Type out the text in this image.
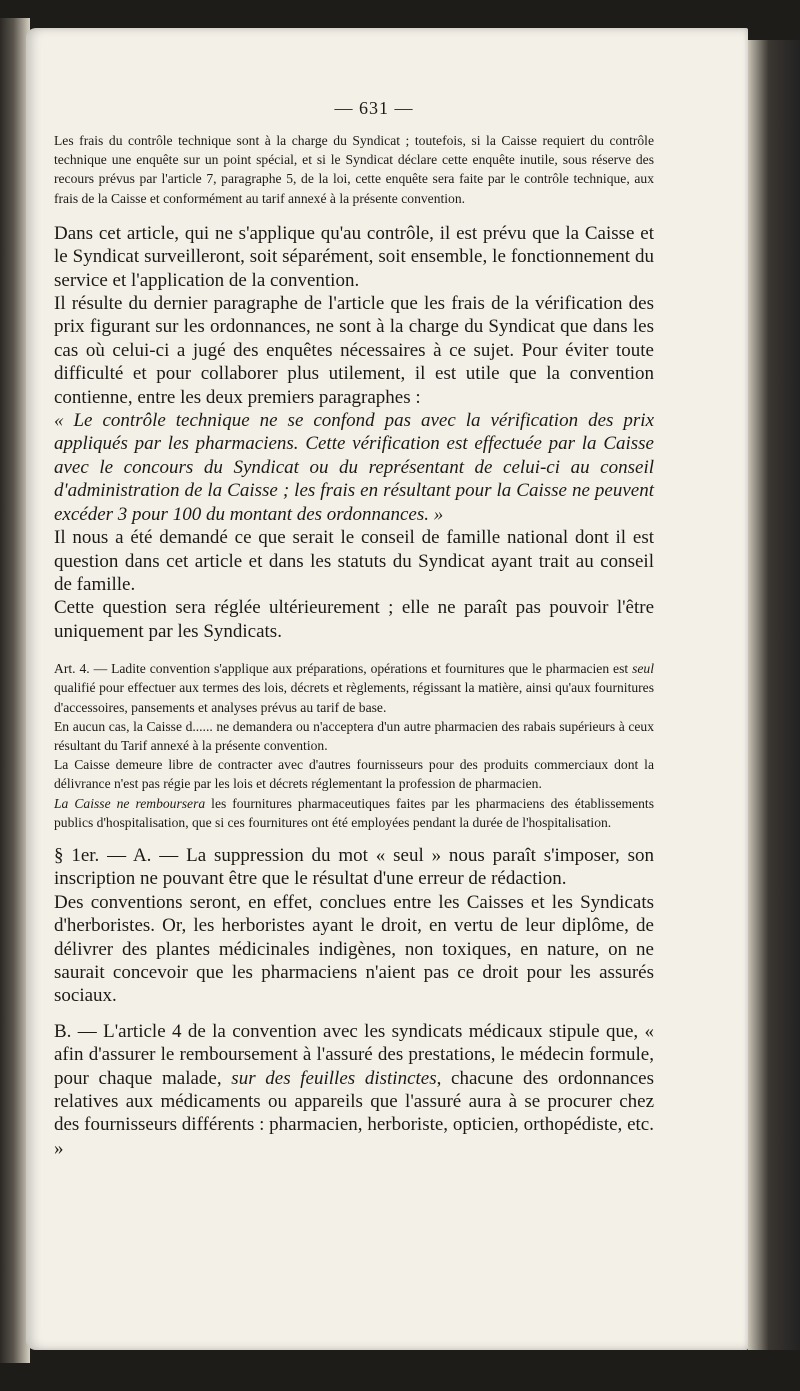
— 631 —

Les frais du contrôle technique sont à la charge du Syndicat ; toutefois, si la Caisse requiert du contrôle technique une enquête sur un point spécial, et si le Syndicat déclare cette enquête inutile, sous réserve des recours prévus par l'article 7, paragraphe 5, de la loi, cette enquête sera faite par le contrôle technique, aux frais de la Caisse et conformément au tarif annexé à la présente convention.

Dans cet article, qui ne s'applique qu'au contrôle, il est prévu que la Caisse et le Syndicat surveilleront, soit séparément, soit ensemble, le fonctionnement du service et l'application de la convention.

Il résulte du dernier paragraphe de l'article que les frais de la vérification des prix figurant sur les ordonnances, ne sont à la charge du Syndicat que dans les cas où celui-ci a jugé des enquêtes nécessaires à ce sujet. Pour éviter toute difficulté et pour collaborer plus utilement, il est utile que la convention contienne, entre les deux premiers paragraphes :

« Le contrôle technique ne se confond pas avec la vérification des prix appliqués par les pharmaciens. Cette vérification est effectuée par la Caisse avec le concours du Syndicat ou du représentant de celui-ci au conseil d'administration de la Caisse ; les frais en résultant pour la Caisse ne peuvent excéder 3 pour 100 du montant des ordonnances. »

Il nous a été demandé ce que serait le conseil de famille national dont il est question dans cet article et dans les statuts du Syndicat ayant trait au conseil de famille.

Cette question sera réglée ultérieurement ; elle ne paraît pas pouvoir l'être uniquement par les Syndicats.

Art. 4. — Ladite convention s'applique aux préparations, opérations et fournitures que le pharmacien est seul qualifié pour effectuer aux termes des lois, décrets et règlements, régissant la matière, ainsi qu'aux fournitures d'accessoires, pansements et analyses prévus au tarif de base.

En aucun cas, la Caisse d...... ne demandera ou n'acceptera d'un autre pharmacien des rabais supérieurs à ceux résultant du Tarif annexé à la présente convention.

La Caisse demeure libre de contracter avec d'autres fournisseurs pour des produits commerciaux dont la délivrance n'est pas régie par les lois et décrets réglementant la profession de pharmacien.

La Caisse ne remboursera les fournitures pharmaceutiques faites par les pharmaciens des établissements publics d'hospitalisation, que si ces fournitures ont été employées pendant la durée de l'hospitalisation.

§ 1er. — A. — La suppression du mot « seul » nous paraît s'imposer, son inscription ne pouvant être que le résultat d'une erreur de rédaction.

Des conventions seront, en effet, conclues entre les Caisses et les Syndicats d'herboristes. Or, les herboristes ayant le droit, en vertu de leur diplôme, de délivrer des plantes médicinales indigènes, non toxiques, en nature, on ne saurait concevoir que les pharmaciens n'aient pas ce droit pour les assurés sociaux.

B. — L'article 4 de la convention avec les syndicats médicaux stipule que, « afin d'assurer le remboursement à l'assuré des prestations, le médecin formule, pour chaque malade, sur des feuilles distinctes, chacune des ordonnances relatives aux médicaments ou appareils que l'assuré aura à se procurer chez des fournisseurs différents : pharmacien, herboriste, opticien, orthopédiste, etc. »
